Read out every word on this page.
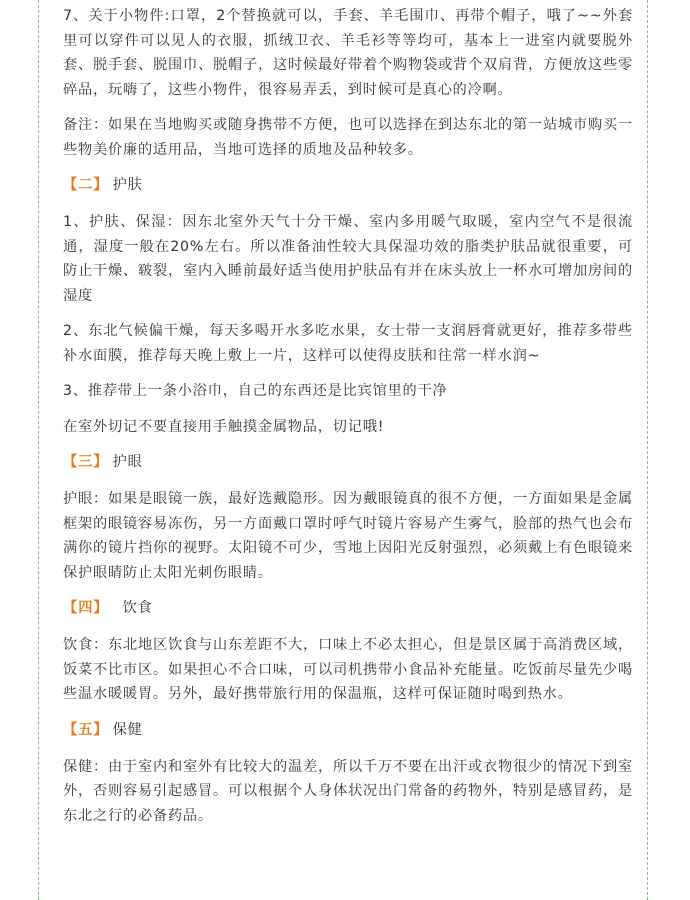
7、关于小物件:口罩，2个替换就可以，手套、羊毛围巾、再带个帽子，哦了~~外套里可以穿件可以见人的衣服，抓绒卫衣、羊毛衫等等均可，基本上一进室内就要脱外套、脱手套、脱围巾、脱帽子，这时候最好带着个购物袋或背个双肩背，方便放这些零碎品，玩嗨了，这些小物件，很容易弄丢，到时候可是真心的冷啊。

备注：如果在当地购买或随身携带不方便，也可以选择在到达东北的第一站城市购买一些物美价廉的适用品，当地可选择的质地及品种较多。

【二】 护肤

1、护肤、保湿：因东北室外天气十分干燥、室内多用暖气取暖，室内空气不是很流通，湿度一般在20%左右。所以准备油性较大具保湿功效的脂类护肤品就很重要，可防止干燥、皲裂，室内入睡前最好适当使用护肤品有并在床头放上一杯水可增加房间的湿度

2、东北气候偏干燥，每天多喝开水多吃水果，女士带一支润唇膏就更好，推荐多带些补水面膜，推荐每天晚上敷上一片，这样可以使得皮肤和往常一样水润~

3、推荐带上一条小浴巾，自己的东西还是比宾馆里的干净

在室外切记不要直接用手触摸金属物品，切记哦!

【三】 护眼

护眼：如果是眼镜一族，最好选戴隐形。因为戴眼镜真的很不方便，一方面如果是金属框架的眼镜容易冻伤，另一方面戴口罩时呼气时镜片容易产生雾气，脸部的热气也会布满你的镜片挡你的视野。太阳镜不可少，雪地上因阳光反射强烈，必须戴上有色眼镜来保护眼睛防止太阳光刺伤眼睛。

【四】 饮食

饮食：东北地区饮食与山东差距不大，口味上不必太担心，但是景区属于高消费区域，饭菜不比市区。如果担心不合口味，可以司机携带小食品补充能量。吃饭前尽量先少喝些温水暖暖胃。另外，最好携带旅行用的保温瓶，这样可保证随时喝到热水。

【五】 保健

保健：由于室内和室外有比较大的温差，所以千万不要在出汗或衣物很少的情况下到室外，否则容易引起感冒。可以根据个人身体状况出门常备的药物外，特别是感冒药，是东北之行的必备药品。
